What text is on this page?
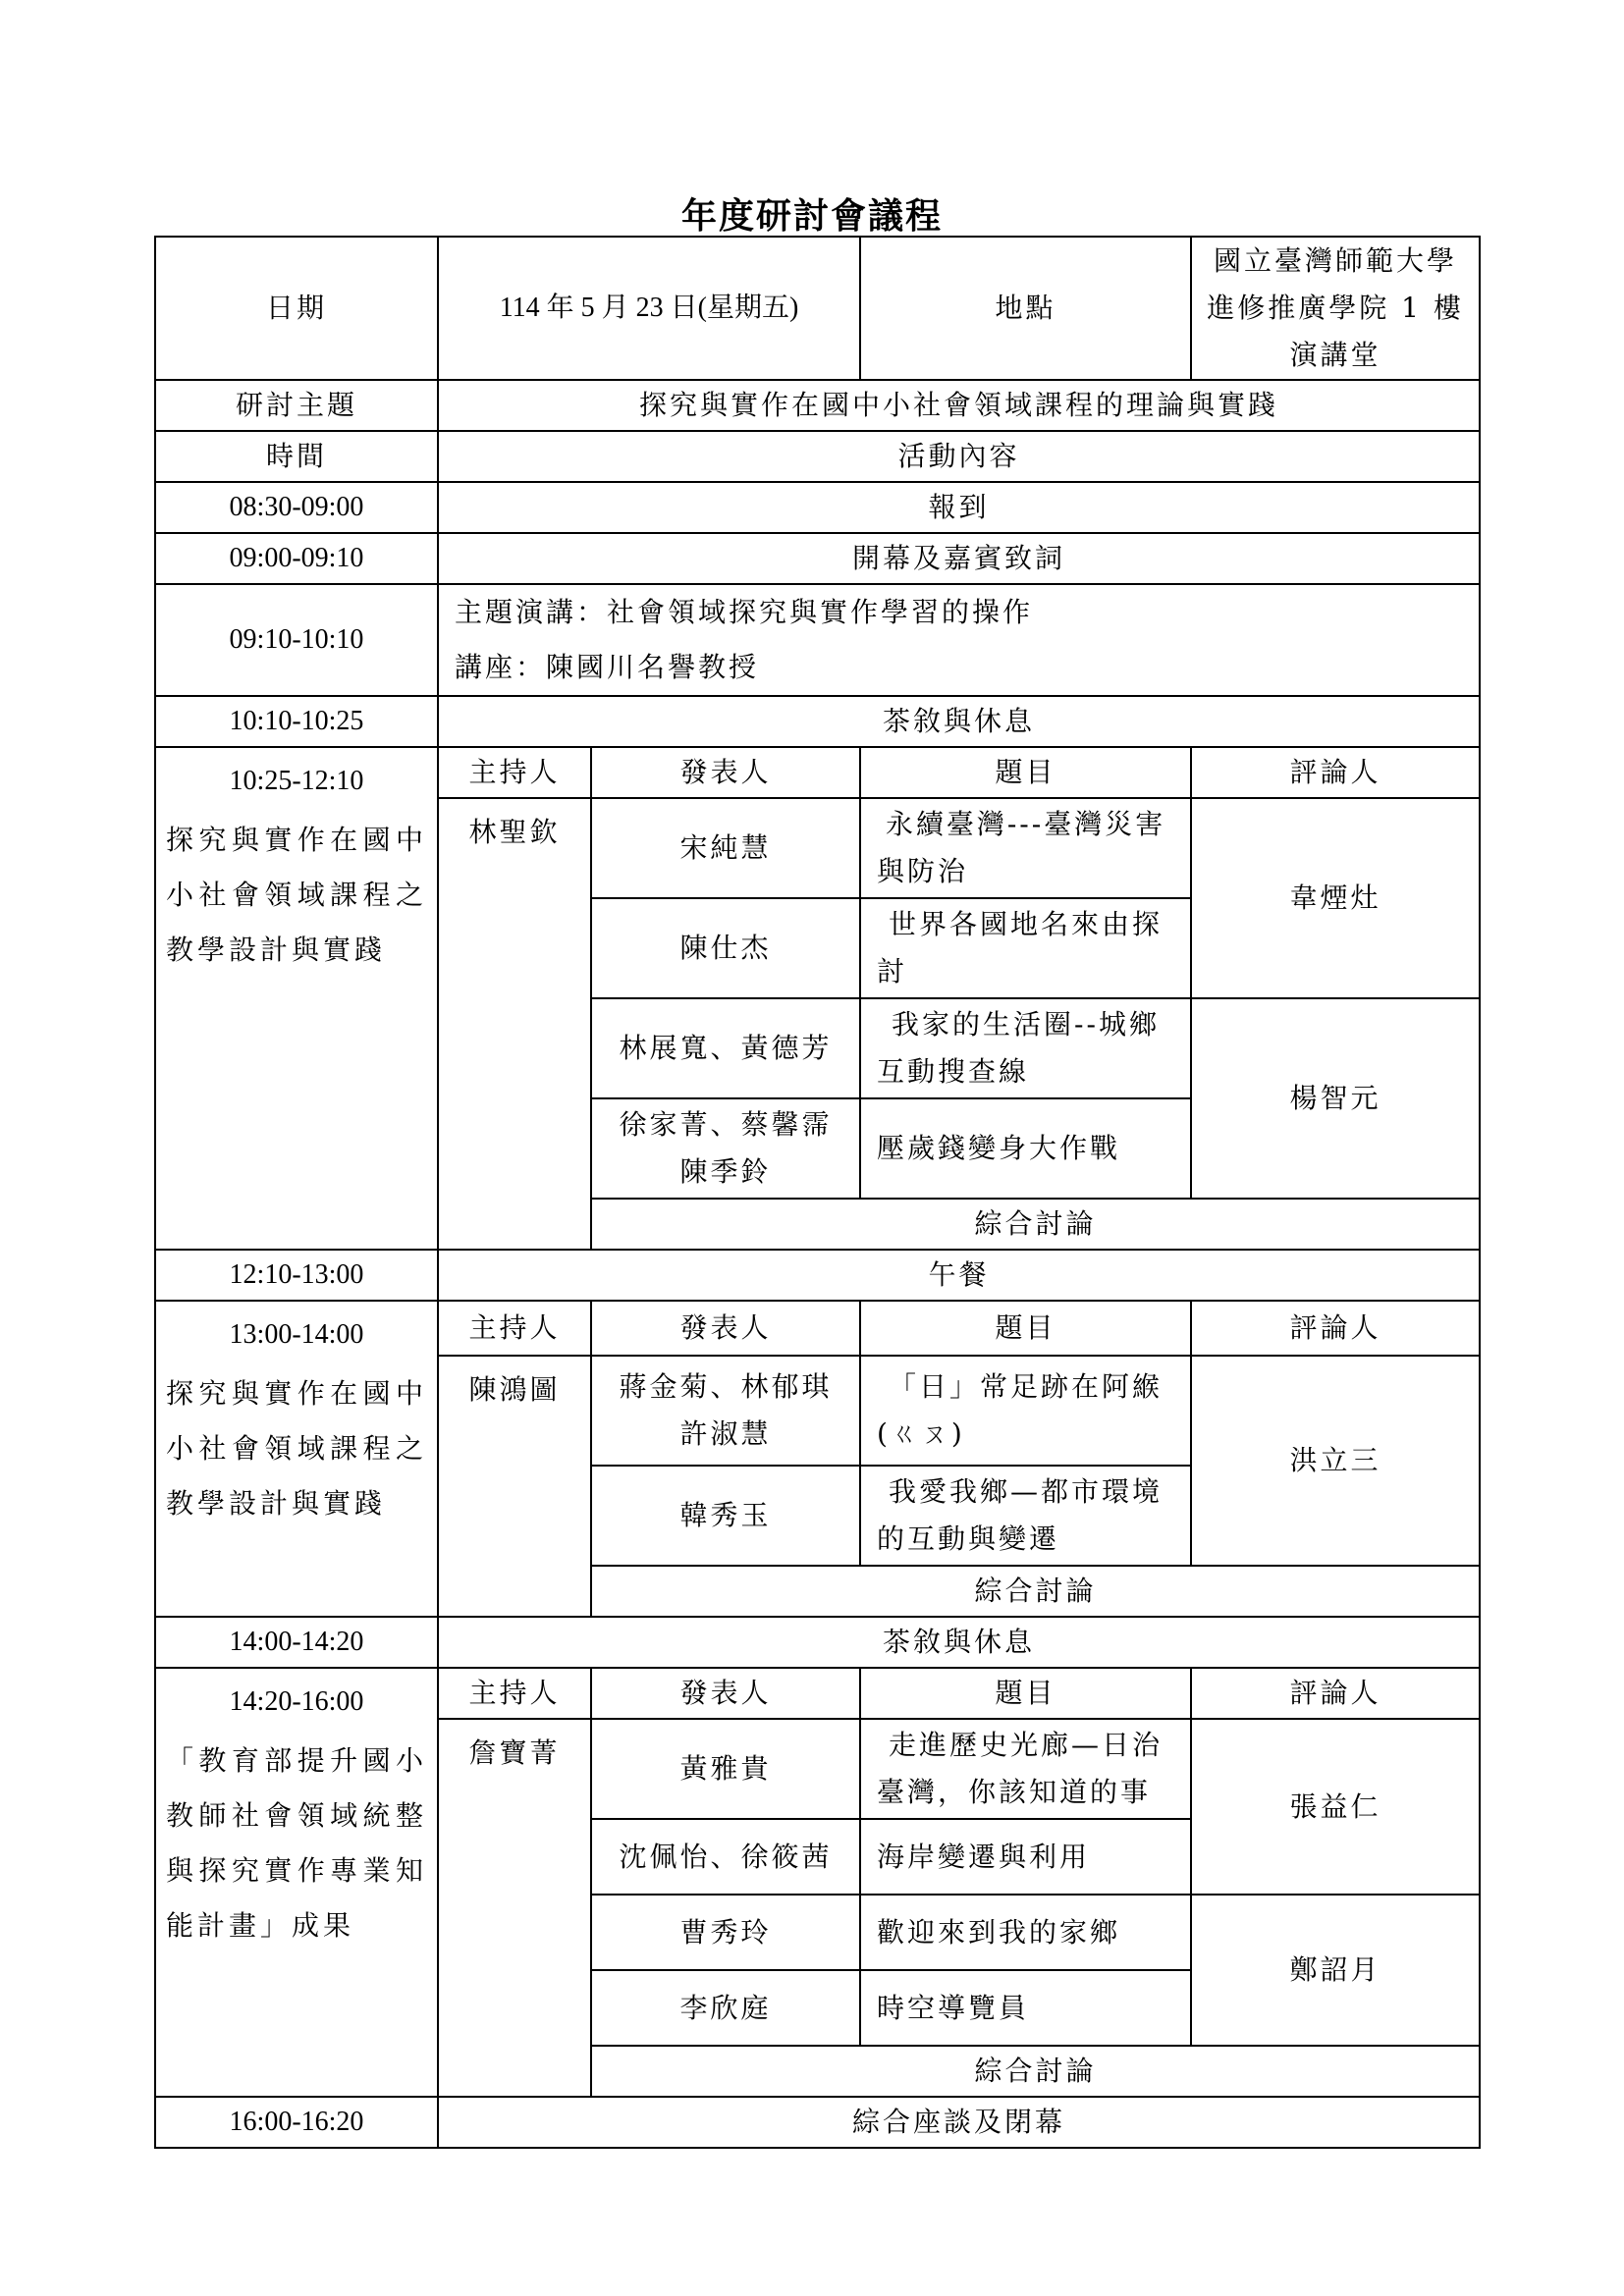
年度研討會議程
日期	114 年 5 月 23 日(星期五)		地點	國立臺灣師範大學
進修推廣學院 1 樓演講堂

研討主題	探究與實作在國中小社會領域課程的理論與實踐			
時間	活動內容			
08:30-09:00	報到			
09:00-09:10	開幕及嘉賓致詞			
09:10-10:10	主題演講：社會領域探究與實作學習的操作
講座：陳國川名譽教授			

10:10-10:25	茶敘與休息			

10:25-12:10
探究與實作在國中小社會領域課程之教學設計與實踐	主持人	發表人	題目	評論人
	林聖欽	宋純慧	永續臺灣---臺灣災害與防治	韋煙灶
		陳仕杰	世界各國地名來由探討	
		林展寬、黃德芳	我家的生活圈--城鄉互動搜查線	楊智元

		徐家菁、蔡馨霈
陳季鈴	壓歲錢變身大作戰	
		綜合討論		
12:10-13:00	午餐			

13:00-14:00
探究與實作在國中小社會領域課程之教學設計與實踐	主持人	發表人	題目	評論人
	陳鴻圖	蔣金菊、林郁琪
許淑慧	「日」常足跡在阿緱(ㄍㄡ)	洪立三
		韓秀玉	我愛我鄉—都市環境的互動與變遷	
		綜合討論		
14:00-14:20	茶敘與休息			

14:20-16:00
「教育部提升國小教師社會領域統整與探究實作專業知能計畫」成果	主持人	發表人	題目	評論人
	詹寶菁	黃雅貴	走進歷史光廊—日治臺灣，你該知道的事	張益仁
		沈佩怡、徐筱茜	海岸變遷與利用	
		曹秀玲	歡迎來到我的家鄉	鄭詔月
		李欣庭	時空導覽員	
		綜合討論		
16:00-16:20	綜合座談及閉幕			
